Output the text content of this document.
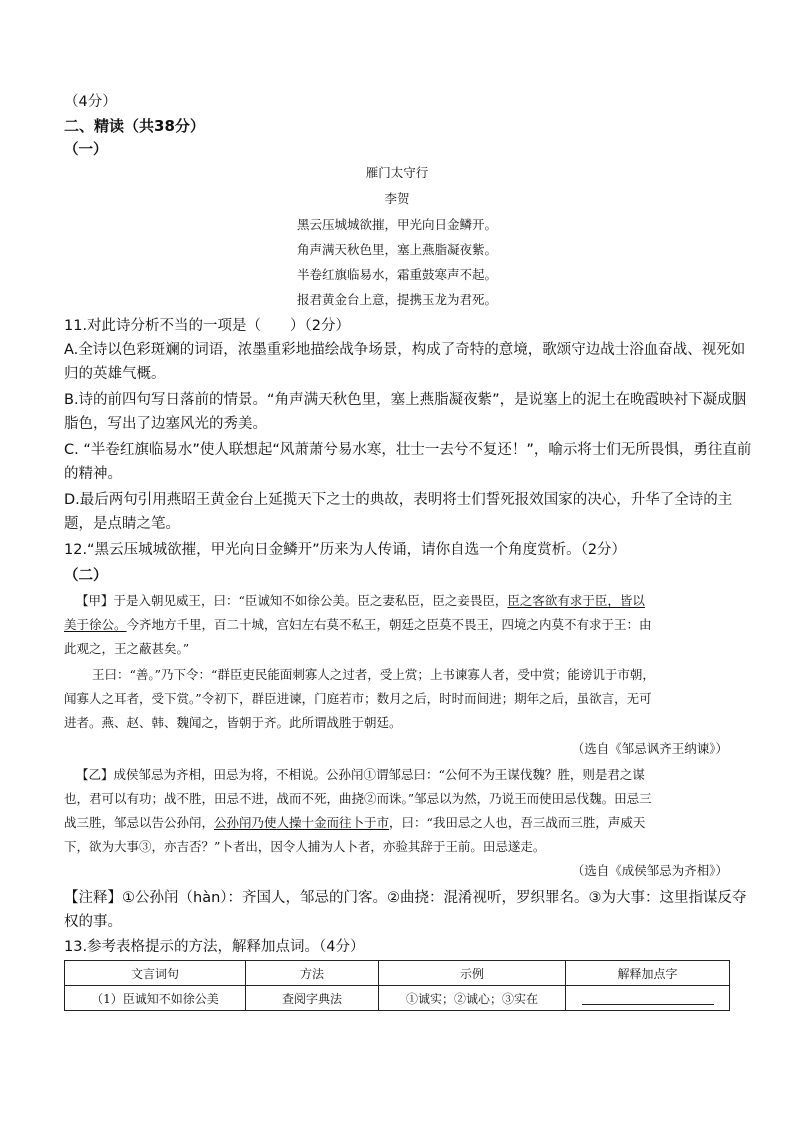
（4分）
二、精读（共38分）
（一）
雁门太守行
李贺
黑云压城城欲摧，甲光向日金鳞开。
角声满天秋色里，塞上燕脂凝夜紫。
半卷红旗临易水，霜重鼓寒声不起。
报君黄金台上意，提携玉龙为君死。
11.对此诗分析不当的一项是（　　）（2分）
A.全诗以色彩斑斓的词语，浓墨重彩地描绘战争场景，构成了奇特的意境，歌颂守边战士浴血奋战、视死如
归的英雄气概。
B.诗的前四句写日落前的情景。“角声满天秋色里，塞上燕脂凝夜紫”，是说塞上的泥土在晚霞映衬下凝成胭
脂色，写出了边塞风光的秀美。
C. “半卷红旗临易水”使人联想起“风萧萧兮易水寒，壮士一去兮不复还！”，喻示将士们无所畏惧，勇往直前
的精神。
D.最后两句引用燕昭王黄金台上延揽天下之士的典故，表明将士们誓死报效国家的决心，升华了全诗的主
题，是点睛之笔。
12.“黑云压城城欲摧，甲光向日金鳞开”历来为人传诵，请你自选一个角度赏析。（2分）
（二）
【甲】于是入朝见威王，曰：“臣诚知不如徐公美。臣之妻私臣，臣之妾畏臣，臣之客欲有求于臣，皆以
美于徐公。今齐地方千里，百二十城，宫妇左右莫不私王，朝廷之臣莫不畏王，四境之内莫不有求于王：由
此观之，王之蔽甚矣。”
王曰：“善。”乃下令：“群臣吏民能面刺寡人之过者，受上赏；上书谏寡人者，受中赏；能谤讥于市朝，
闻寡人之耳者，受下赏。”令初下，群臣进谏，门庭若市；数月之后，时时而间进；期年之后，虽欲言，无可
进者。燕、赵、韩、魏闻之，皆朝于齐。此所谓战胜于朝廷。
（选自《邹忌讽齐王纳谏》）
【乙】成侯邹忌为齐相，田忌为将，不相说。公孙闬①谓邹忌曰：“公何不为王谋伐魏？胜，则是君之谋
也，君可以有功；战不胜，田忌不进，战而不死，曲挠②而诛。”邹忌以为然，乃说王而使田忌伐魏。田忌三
战三胜，邹忌以告公孙闬，公孙闬乃使人操十金而往卜于市，曰：“我田忌之人也，吾三战而三胜，声威天
下，欲为大事③，亦吉否？”卜者出，因令人捕为人卜者，亦验其辞于王前。田忌遂走。
（选自《成侯邹忌为齐相》）
【注释】①公孙闬（hàn）：齐国人，邹忌的门客。②曲挠：混淆视听，罗织罪名。③为大事：这里指谋反夺
权的事。
13.参考表格提示的方法，解释加点词。（4分）
文言词句	方法	示例	解释加点字
（1）臣诚知不如徐公美	查阅字典法	①诚实；②诚心；③实在	
